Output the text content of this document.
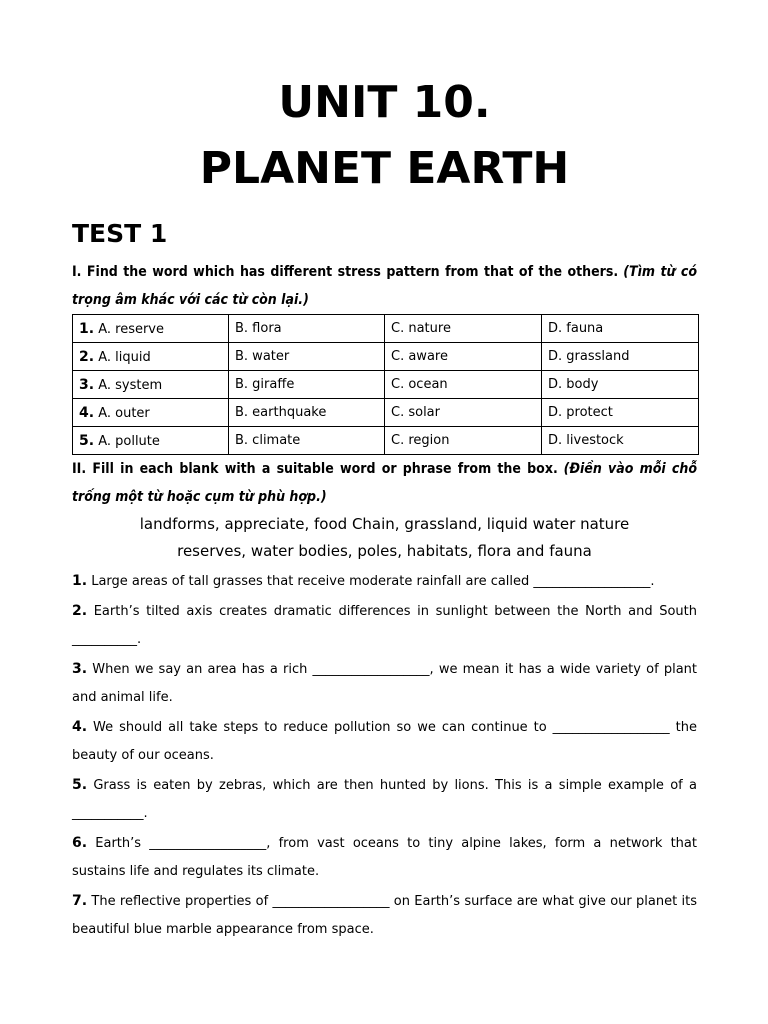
UNIT 10.
PLANET EARTH
TEST 1

I. Find the word which has different stress pattern from that of the others. (Tìm từ có trọng âm khác với các từ còn lại.)

1. A. reserve	B. flora	C. nature	D. fauna
2. A. liquid	B. water	C. aware	D. grassland
3. A. system	B. giraffe	C. ocean	D. body
4. A. outer	B. earthquake	C. solar	D. protect
5. A. pollute	B. climate	C. region	D. livestock

II. Fill in each blank with a suitable word or phrase from the box. (Điền vào mỗi chỗ trống một từ hoặc cụm từ phù hợp.)

landforms, appreciate, food Chain, grassland, liquid water nature

reserves, water bodies, poles, habitats, flora and fauna

1. Large areas of tall grasses that receive moderate rainfall are called __________________.

2. Earth’s tilted axis creates dramatic differences in sunlight between the North and South __________.

3. When we say an area has a rich __________________, we mean it has a wide variety of plant and animal life.

4. We should all take steps to reduce pollution so we can continue to __________________ the beauty of our oceans.

5. Grass is eaten by zebras, which are then hunted by lions. This is a simple example of a ___________.

6. Earth’s __________________, from vast oceans to tiny alpine lakes, form a network that sustains life and regulates its climate.

7. The reflective properties of __________________ on Earth’s surface are what give our planet its beautiful blue marble appearance from space.
